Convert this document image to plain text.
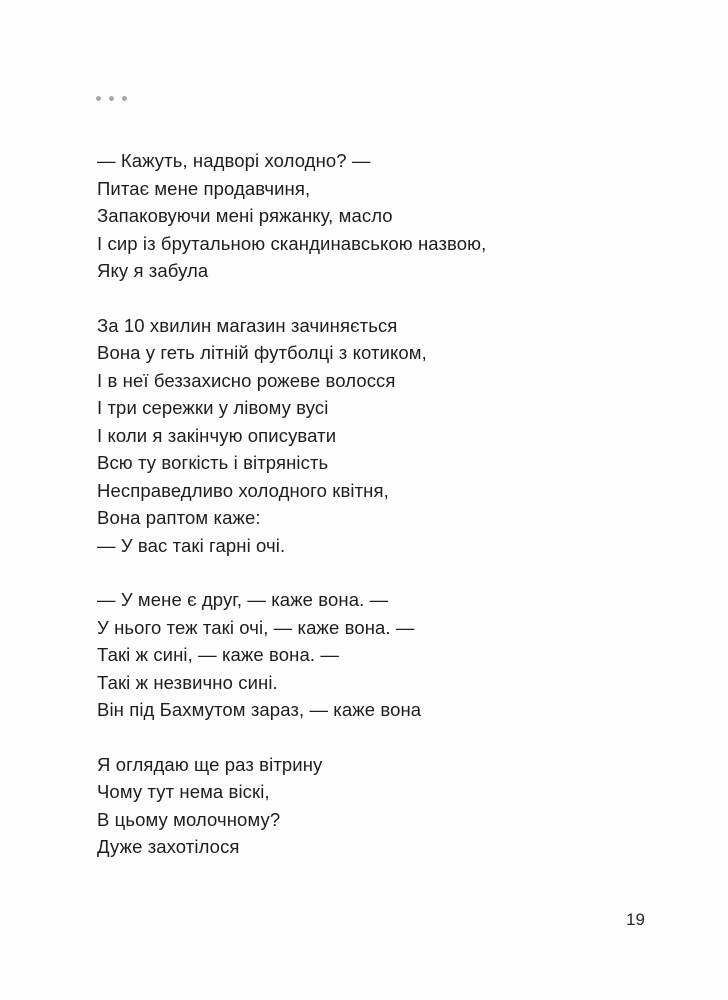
— Кажуть, надворі холодно? —
Питає мене продавчиня,
Запаковуючи мені ряжанку, масло
І сир із брутальною скандинавською назвою,
Яку я забула
За 10 хвилин магазин зачиняється
Вона у геть літній футболці з котиком,
І в неї беззахисно рожеве волосся
І три сережки у лівому вусі
І коли я закінчую описувати
Всю ту вогкість і вітряність
Несправедливо холодного квітня,
Вона раптом каже:
— У вас такі гарні очі.
— У мене є друг, — каже вона. —
У нього теж такі очі, — каже вона. —
Такі ж сині, — каже вона. —
Такі ж незвично сині.
Він під Бахмутом зараз, — каже вона
Я оглядаю ще раз вітрину
Чому тут нема віскі,
В цьому молочному?
Дуже захотілося
19
